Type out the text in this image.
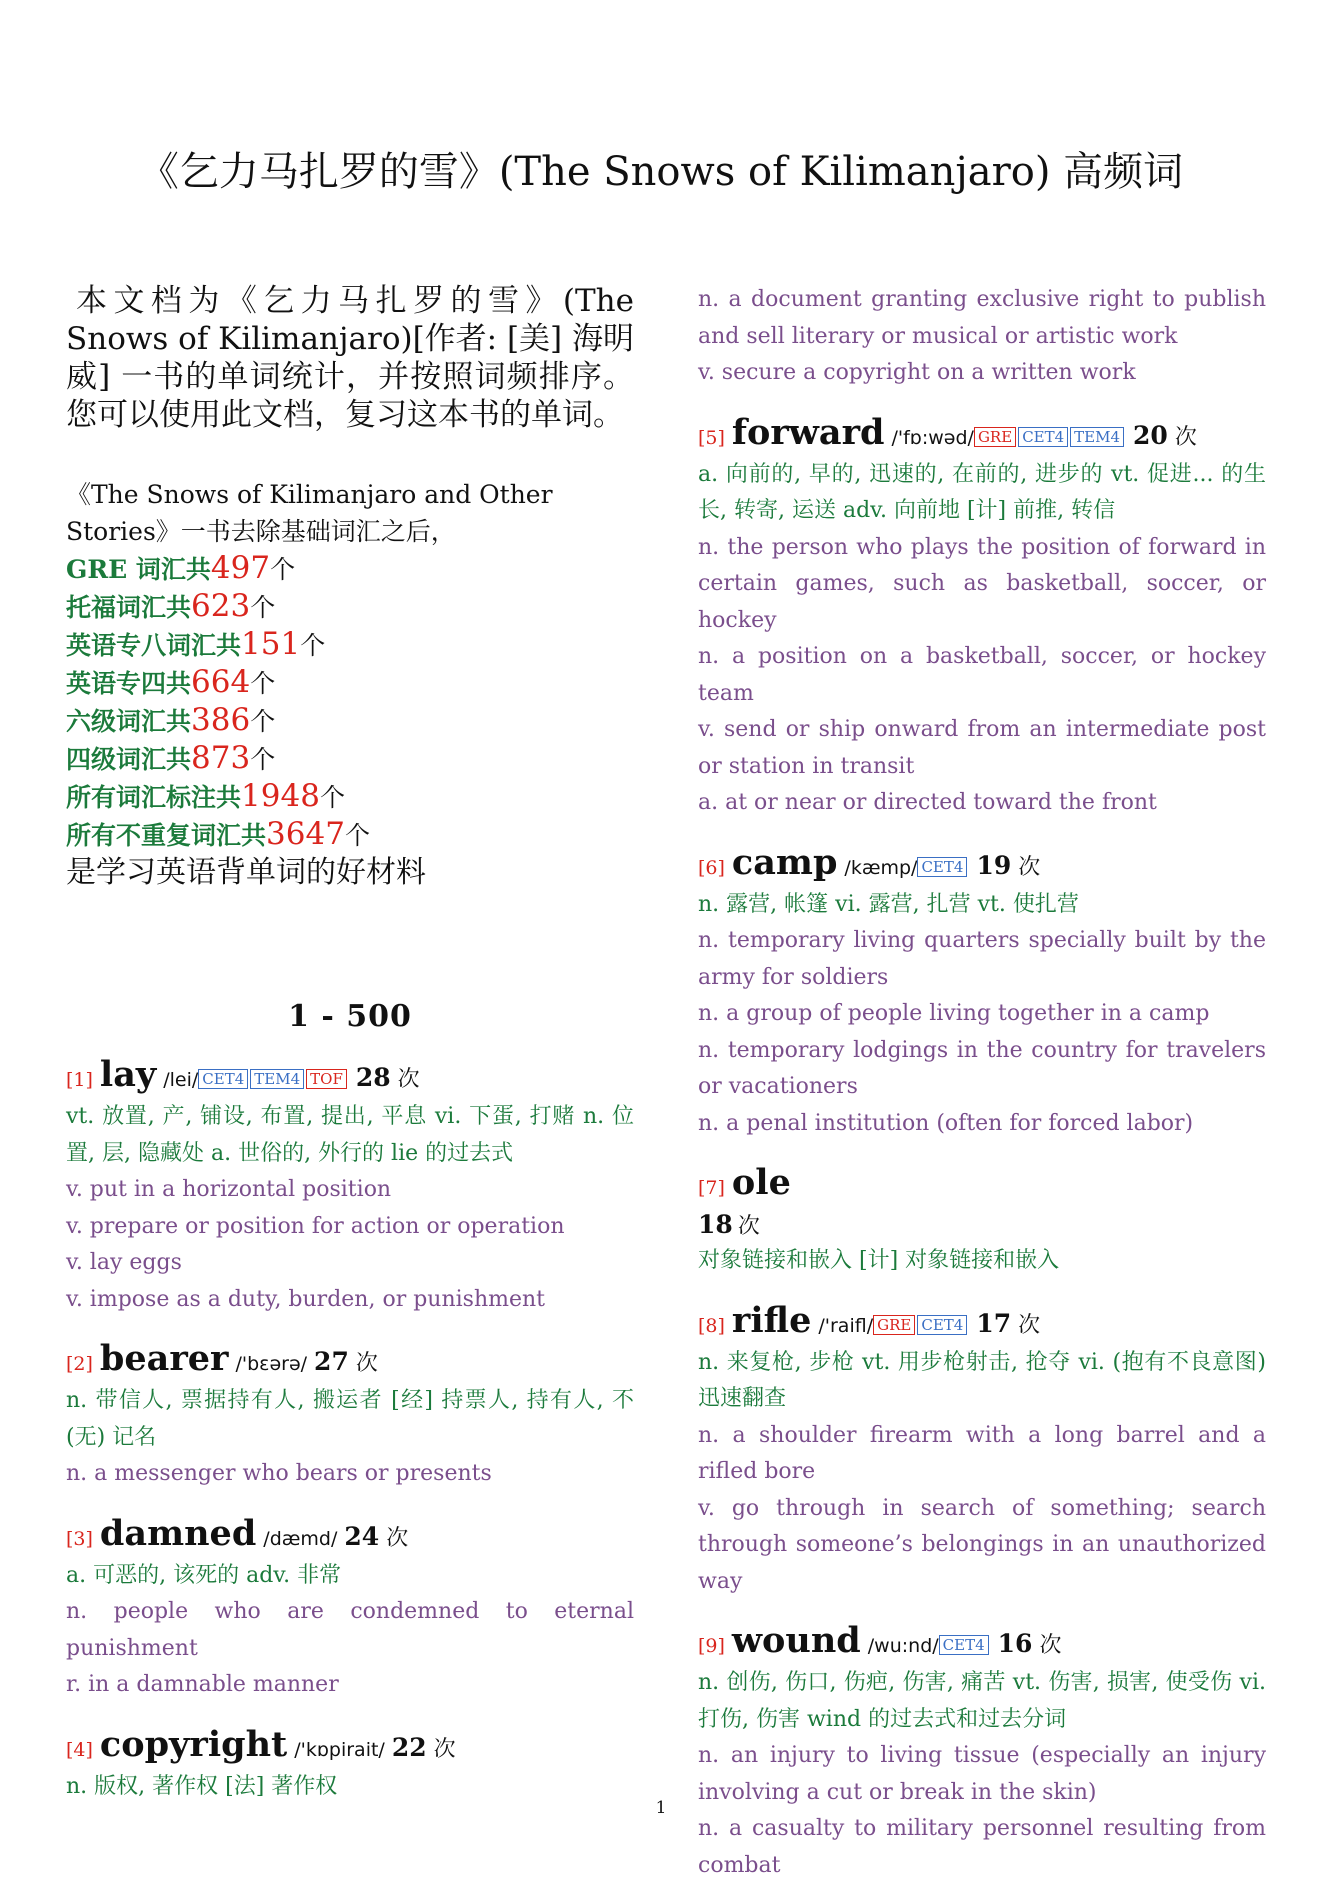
《乞力马扎罗的雪》(The Snows of Kilimanjaro) 高频词

本文档为《乞力马扎罗的雪》(The Snows of Kilimanjaro)[作者: [美] 海明威] 一书的单词统计，并按照词频排序。您可以使用此文档，复习这本书的单词。

《The Snows of Kilimanjaro and Other Stories》一书去除基础词汇之后，
GRE 词汇共497个
托福词汇共623个
英语专八词汇共151个
英语专四共664个
六级词汇共386个
四级词汇共873个
所有词汇标注共1948个
所有不重复词汇共3647个
是学习英语背单词的好材料
1 - 500
[1] lay /lei/ CET4 TEM4 TOF 28 次

vt. 放置, 产, 铺设, 布置, 提出, 平息 vi. 下蛋, 打赌 n. 位置, 层, 隐藏处 a. 世俗的, 外行的 lie 的过去式

v. put in a horizontal position

v. prepare or position for action or operation

v. lay eggs

v. impose as a duty, burden, or punishment

[2] bearer /'bɛərə/ 27 次

n. 带信人, 票据持有人, 搬运者 [经] 持票人, 持有人, 不(无) 记名

n. a messenger who bears or presents

[3] damned /dæmd/ 24 次

a. 可恶的, 该死的 adv. 非常

n. people who are condemned to eternal punishment

r. in a damnable manner

[4] copyright /'kɒpirait/ 22 次

n. 版权, 著作权 [法] 著作权

n. a document granting exclusive right to publish and sell literary or musical or artistic work

v. secure a copyright on a written work

[5] forward /'fɒ:wəd/ GRE CET4 TEM4 20 次

a. 向前的, 早的, 迅速的, 在前的, 进步的 vt. 促进... 的生长, 转寄, 运送 adv. 向前地 [计] 前推, 转信

n. the person who plays the position of forward in certain games, such as basketball, soccer, or hockey

n. a position on a basketball, soccer, or hockey team

v. send or ship onward from an intermediate post or station in transit

a. at or near or directed toward the front

[6] camp /kæmp/ CET4 19 次

n. 露营, 帐篷 vi. 露营, 扎营 vt. 使扎营

n. temporary living quarters specially built by the army for soldiers

n. a group of people living together in a camp

n. temporary lodgings in the country for travelers or vacationers

n. a penal institution (often for forced labor)

[7] ole
18 次

对象链接和嵌入 [计] 对象链接和嵌入

[8] rifle /'raifl/ GRE CET4 17 次

n. 来复枪, 步枪 vt. 用步枪射击, 抢夺 vi. (抱有不良意图) 迅速翻查

n. a shoulder firearm with a long barrel and a rifled bore

v. go through in search of something; search through someone’s belongings in an unauthorized way

[9] wound /wu:nd/ CET4 16 次

n. 创伤, 伤口, 伤疤, 伤害, 痛苦 vt. 伤害, 损害, 使受伤 vi. 打伤, 伤害 wind 的过去式和过去分词

n. an injury to living tissue (especially an injury involving a cut or break in the skin)

n. a casualty to military personnel resulting from combat

1
